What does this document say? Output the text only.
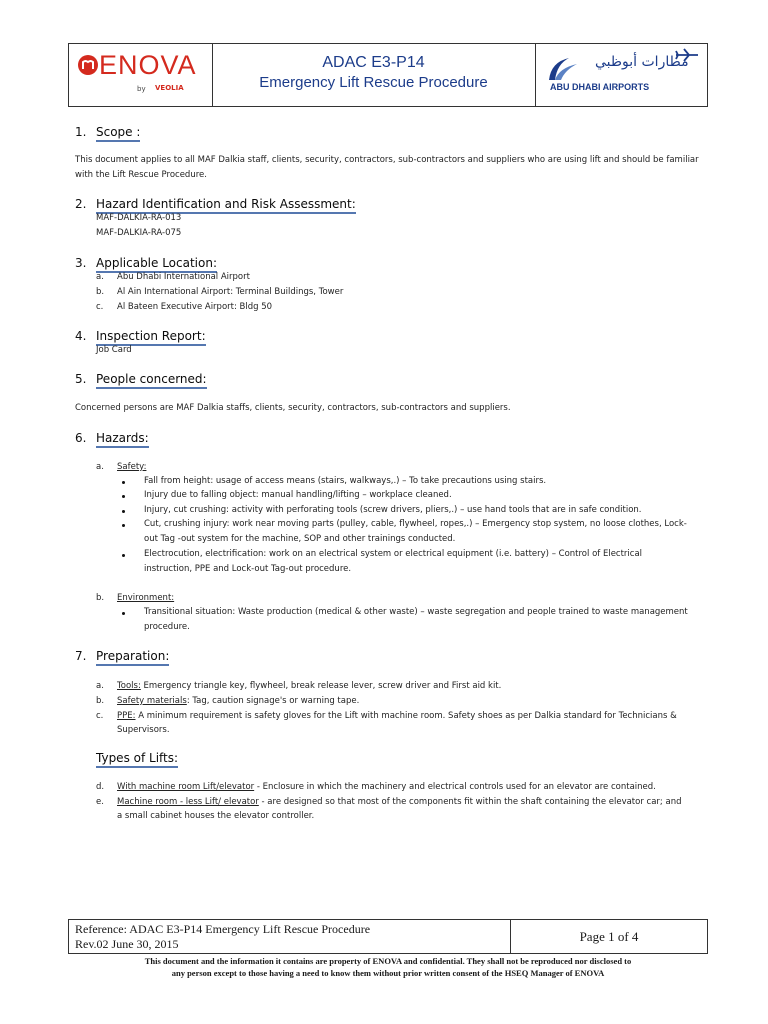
ENOVA
by VEOLIA
ADAC E3-P14
Emergency Lift Rescue Procedure
مطارات أبوظبي
ABU DHABI AIRPORTS
1. Scope :
This document applies to all MAF Dalkia staff, clients, security, contractors, sub-contractors and suppliers who are using lift and should be familiar with the Lift Rescue Procedure.
2. Hazard Identification and Risk Assessment:
MAF-DALKIA-RA-013
MAF-DALKIA-RA-075
3. Applicable Location:
a. Abu Dhabi International Airport
b. Al Ain International Airport: Terminal Buildings, Tower
c. Al Bateen Executive Airport: Bldg 50
4. Inspection Report:
Job Card
5. People concerned:
Concerned persons are MAF Dalkia staffs, clients, security, contractors, sub-contractors and suppliers.
6. Hazards:
a. Safety:
Fall from height: usage of access means (stairs, walkways,.) – To take precautions using stairs.
Injury due to falling object: manual handling/lifting – workplace cleaned.
Injury, cut crushing: activity with perforating tools (screw drivers, pliers,.) – use hand tools that are in safe condition.
Cut, crushing injury: work near moving parts (pulley, cable, flywheel, ropes,.) – Emergency stop system, no loose clothes, Lock-
out Tag -out system for the machine, SOP and other trainings conducted.
Electrocution, electrification: work on an electrical system or electrical equipment (i.e. battery) – Control of Electrical
instruction, PPE and Lock-out Tag-out procedure.
b. Environment:
Transitional situation: Waste production (medical & other waste) – waste segregation and people trained to waste management
procedure.
7. Preparation:
a. Tools: Emergency triangle key, flywheel, break release lever, screw driver and First aid kit.
b. Safety materials: Tag, caution signage's or warning tape.
c. PPE: A minimum requirement is safety gloves for the Lift with machine room. Safety shoes as per Dalkia standard for Technicians &
Supervisors.
Types of Lifts:
d. With machine room Lift/elevator - Enclosure in which the machinery and electrical controls used for an elevator are contained.
e. Machine room - less Lift/ elevator - are designed so that most of the components fit within the shaft containing the elevator car; and
a small cabinet houses the elevator controller.
Reference: ADAC E3-P14 Emergency Lift Rescue Procedure
Rev.02 June 30, 2015	Page 1 of 4
This document and the information it contains are property of ENOVA and confidential. They shall not be reproduced nor disclosed to
any person except to those having a need to know them without prior written consent of the HSEQ Manager of ENOVA
